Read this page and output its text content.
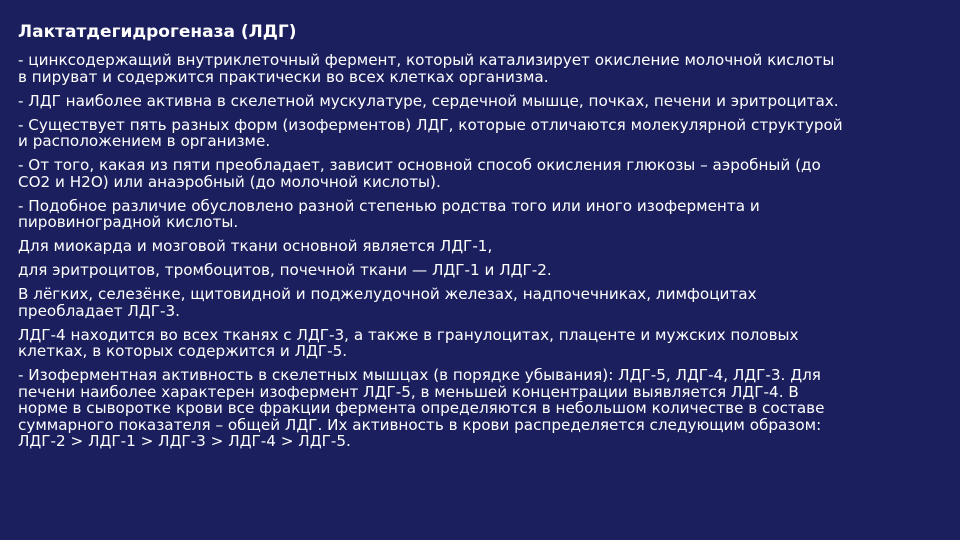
Лактатдегидрогеназа (ЛДГ)

- цинксодержащий внутриклеточный фермент, который катализирует окисление молочной кислоты
в пируват и содержится практически во всех клетках организма.

- ЛДГ наиболее активна в скелетной мускулатуре, сердечной мышце, почках, печени и эритроцитах.

- Существует пять разных форм (изоферментов) ЛДГ, которые отличаются молекулярной структурой
и расположением в организме.

- От того, какая из пяти преобладает, зависит основной способ окисления глюкозы – аэробный (до
СО2 и Н2О) или анаэробный (до молочной кислоты).

- Подобное различие обусловлено разной степенью родства того или иного изофермента и
пировиноградной кислоты.

Для миокарда и мозговой ткани основной является ЛДГ-1,

для эритроцитов, тромбоцитов, почечной ткани — ЛДГ-1 и ЛДГ-2.

В лёгких, селезёнке, щитовидной и поджелудочной железах, надпочечниках, лимфоцитах
преобладает ЛДГ-3.

ЛДГ-4 находится во всех тканях с ЛДГ-3, а также в гранулоцитах, плаценте и мужских половых
клетках, в которых содержится и ЛДГ-5.

- Изоферментная активность в скелетных мышцах (в порядке убывания): ЛДГ-5, ЛДГ-4, ЛДГ-3. Для
печени наиболее характерен изофермент ЛДГ-5, в меньшей концентрации выявляется ЛДГ-4. В
норме в сыворотке крови все фракции фермента определяются в небольшом количестве в составе
суммарного показателя – общей ЛДГ. Их активность в крови распределяется следующим образом:
ЛДГ-2 > ЛДГ-1 > ЛДГ-3 > ЛДГ-4 > ЛДГ-5.
